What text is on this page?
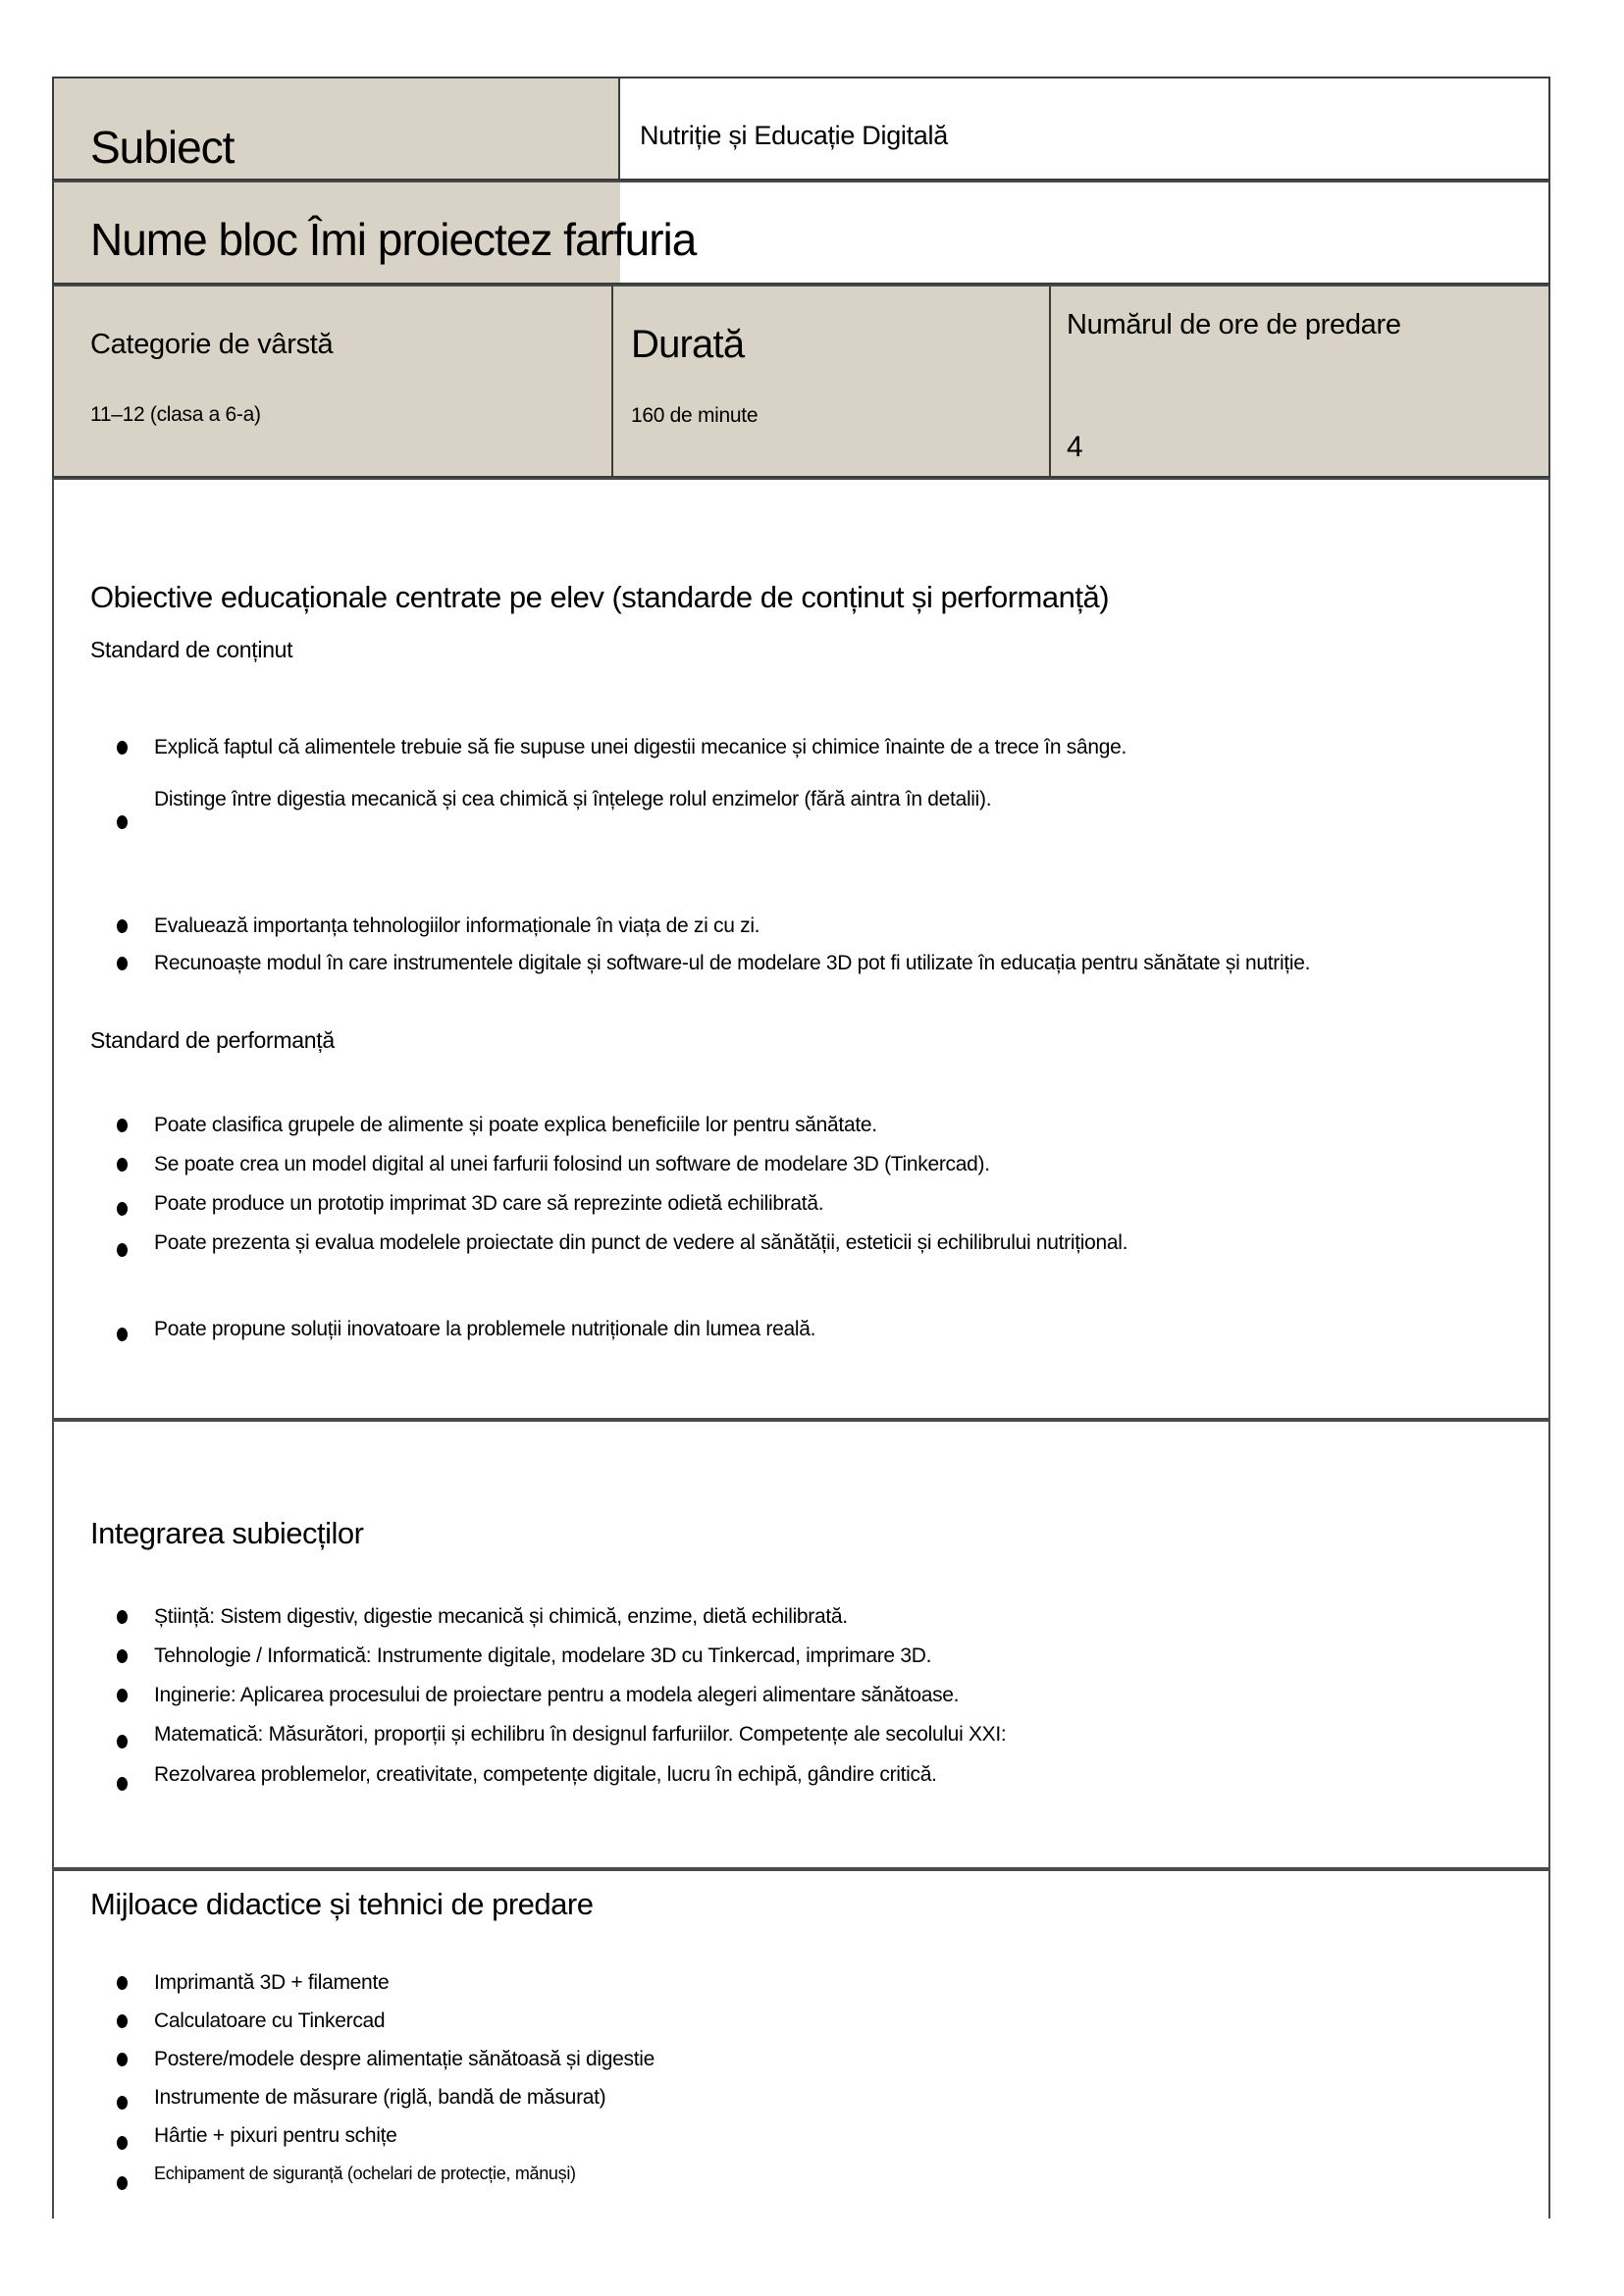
Subiect	Nutriție și Educație Digitală
Nume bloc Îmi proiectez farfuria
Categorie de vârstă
11–12 (clasa a 6-a)
Durată
160 de minute
Numărul de ore de predare
4
Obiective educaționale centrate pe elev (standarde de conținut și performanță)
Standard de conținut
Explică faptul că alimentele trebuie să fie supuse unei digestii mecanice și chimice înainte de a trece în sânge.
Distinge între digestia mecanică și cea chimică și înțelege rolul enzimelor (fără aintra în detalii).
Evaluează importanța tehnologiilor informaționale în viața de zi cu zi.
Recunoaște modul în care instrumentele digitale și software-ul de modelare 3D pot fi utilizate în educația pentru sănătate și nutriție.
Standard de performanță
Poate clasifica grupele de alimente și poate explica beneficiile lor pentru sănătate.
Se poate crea un model digital al unei farfurii folosind un software de modelare 3D (Tinkercad).
Poate produce un prototip imprimat 3D care să reprezinte odietă echilibrată.
Poate prezenta și evalua modelele proiectate din punct de vedere al sănătății, esteticii și echilibrului nutrițional.
Poate propune soluții inovatoare la problemele nutriționale din lumea reală.
Integrarea subiecților
Știință: Sistem digestiv, digestie mecanică și chimică, enzime, dietă echilibrată.
Tehnologie / Informatică: Instrumente digitale, modelare 3D cu Tinkercad, imprimare 3D.
Inginerie: Aplicarea procesului de proiectare pentru a modela alegeri alimentare sănătoase.
Matematică: Măsurători, proporții și echilibru în designul farfuriilor. Competențe ale secolului XXI:
Rezolvarea problemelor, creativitate, competențe digitale, lucru în echipă, gândire critică.
Mijloace didactice și tehnici de predare
Imprimantă 3D + filamente
Calculatoare cu Tinkercad
Postere/modele despre alimentație sănătoasă și digestie
Instrumente de măsurare (riglă, bandă de măsurat)
Hârtie + pixuri pentru schițe
Echipament de siguranță (ochelari de protecție, mănuși)
